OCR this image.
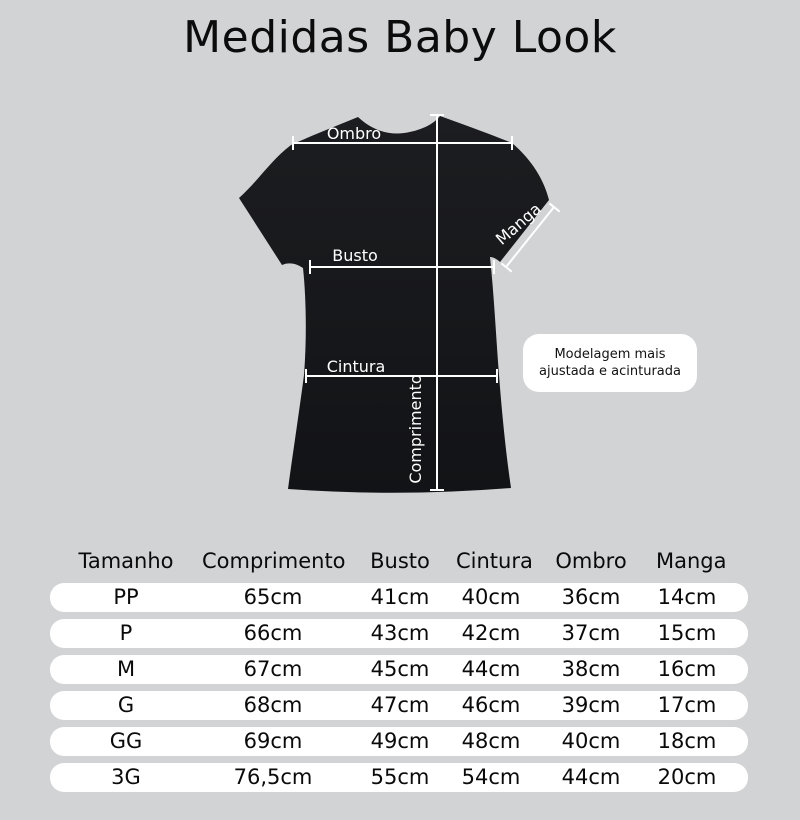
Medidas Baby Look
Ombro
Busto
Cintura
Comprimento
Manga
Modelagem mais
ajustada e acinturada
Tamanho	Comprimento	Busto	Cintura	Ombro	Manga
PP	65cm	41cm	40cm	36cm	14cm
P	66cm	43cm	42cm	37cm	15cm
M	67cm	45cm	44cm	38cm	16cm
G	68cm	47cm	46cm	39cm	17cm
GG	69cm	49cm	48cm	40cm	18cm
3G	76,5cm	55cm	54cm	44cm	20cm
